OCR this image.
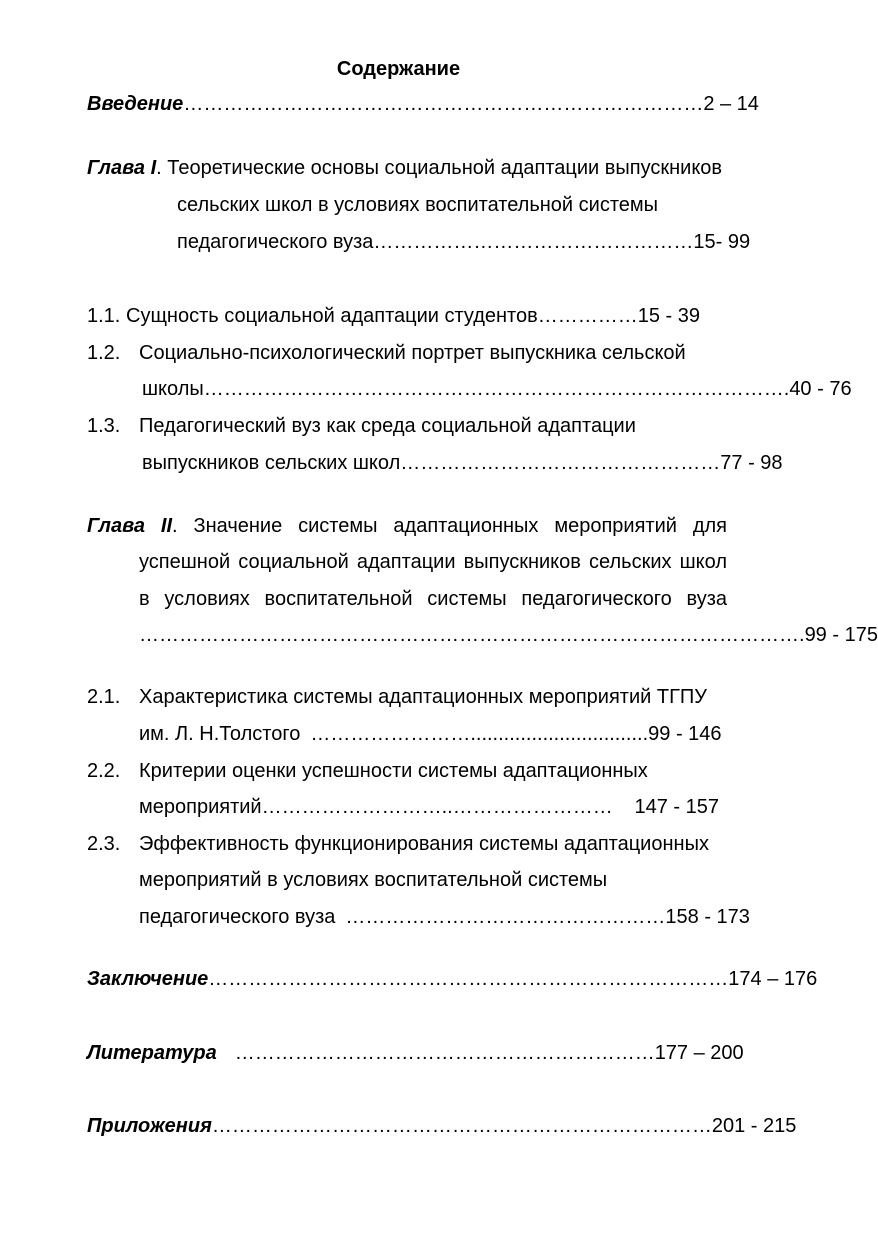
Содержание
Введение …………………………………………………………………… 2 – 14
Глава I. Теоретические основы социальной адаптации выпускников
сельских школ в условиях воспитательной системы
педагогического вуза ………………………………………… 15- 99
1.1. Сущность социальной адаптации студентов …………… 15 - 39
1.2. Социально-психологический портрет выпускника сельской
школы ……………………………………………………………………………. 40 - 76
1.3. Педагогический вуз как среда социальной адаптации
выпускников сельских школ ………………………………………… 77 - 98
Глава II. Значение системы адаптационных мероприятий для
успешной социальной адаптации выпускников сельских школ
в условиях воспитательной системы педагогического вуза
………………………………………………………………………………………. 99 - 175
2.1. Характеристика системы адаптационных мероприятий ТГПУ
им. Л. Н.Толстого ……………………................................ 99 - 146
2.2. Критерии оценки успешности системы адаптационных
мероприятий ………………………..……………………	147 - 157
2.3. Эффективность функционирования системы адаптационных
мероприятий в условиях воспитательной системы
педагогического вуза ………………………………………… 158 - 173
Заключение …………………………………………………………………… 174 – 176
Литература ……………………………………………………… 177 – 200
Приложения ………………………………………………………………… 201 - 215
